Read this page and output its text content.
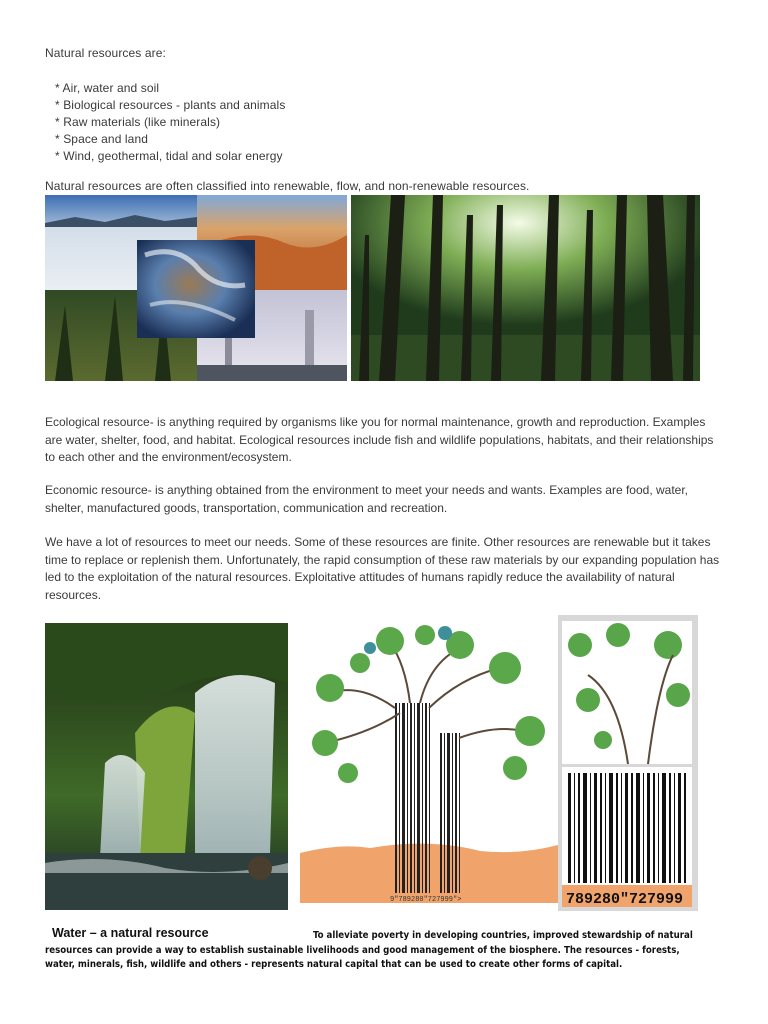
Natural resources are:
* Air, water and soil
* Biological resources - plants and animals
* Raw materials (like minerals)
* Space and land
* Wind, geothermal, tidal and solar energy
Natural resources are often classified into renewable, flow, and non-renewable resources.

Ecological resource- is anything required by organisms like you for normal maintenance, growth and reproduction. Examples are water, shelter, food, and habitat. Ecological resources include fish and wildlife populations, habitats, and their relationships to each other and the environment/ecosystem.

Economic resource- is anything obtained from the environment to meet your needs and wants. Examples are food, water, shelter, manufactured goods, transportation, communication and recreation.

We have a lot of resources to meet our needs. Some of these resources are finite. Other resources are renewable but it takes time to replace or replenish them. Unfortunately, the rapid consumption of these raw materials by our expanding population has led to the exploitation of the natural resources. Exploitative attitudes of humans rapidly reduce the availability of natural resources.

9"789280"727999">	789280"727999
Water – a natural resource	To alleviate poverty in developing countries, improved stewardship of natural resources can provide a way to establish sustainable livelihoods and good management of the biosphere. The resources - forests, water, minerals, fish, wildlife and others - represents natural capital that can be used to create other forms of capital.
